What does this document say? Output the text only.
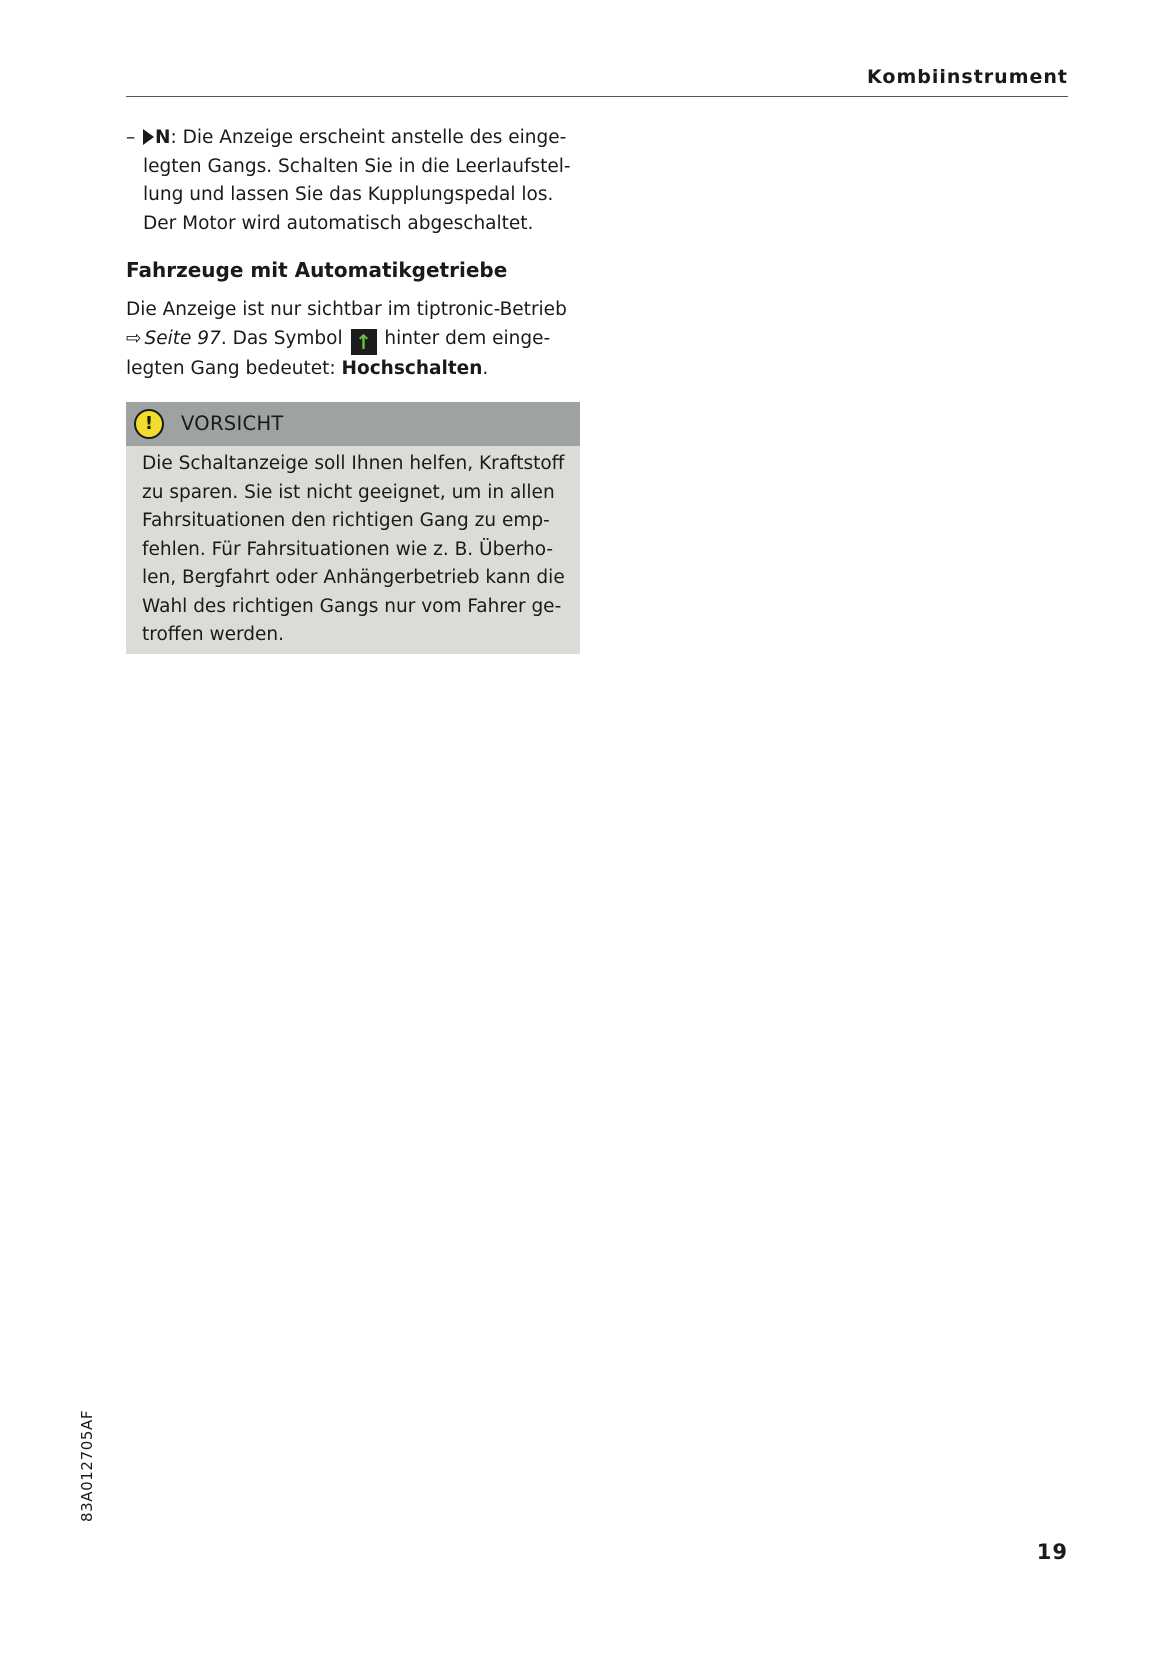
Kombiinstrument

– N: Die Anzeige erscheint anstelle des einge-
legten Gangs. Schalten Sie in die Leerlaufstel-
lung und lassen Sie das Kupplungspedal los.
Der Motor wird automatisch abgeschaltet.

Fahrzeuge mit Automatikgetriebe

Die Anzeige ist nur sichtbar im tiptronic-Betrieb
⇨ Seite 97. Das Symbol ↑ hinter dem einge-
legten Gang bedeutet: Hochschalten.

!	VORSICHT

Die Schaltanzeige soll Ihnen helfen, Kraftstoff
zu sparen. Sie ist nicht geeignet, um in allen
Fahrsituationen den richtigen Gang zu emp-
fehlen. Für Fahrsituationen wie z. B. Überho-
len, Bergfahrt oder Anhängerbetrieb kann die
Wahl des richtigen Gangs nur vom Fahrer ge-
troffen werden.

83A012705AF
19
